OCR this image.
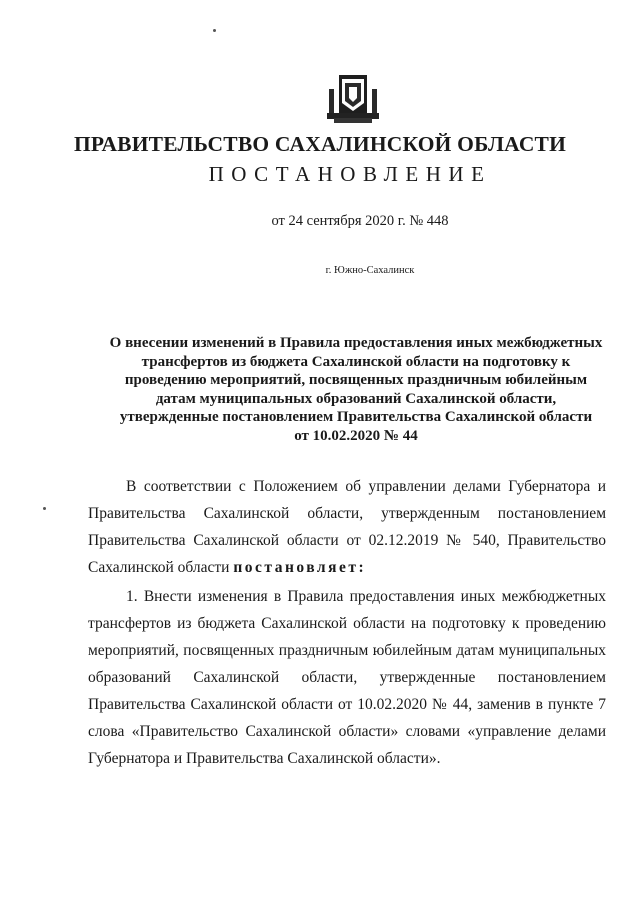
ПРАВИТЕЛЬСТВО САХАЛИНСКОЙ ОБЛАСТИ
ПОСТАНОВЛЕНИЕ
от 24 сентября 2020 г. № 448
г. Южно-Сахалинск
О внесении изменений в Правила предоставления иных межбюджетных
трансфертов из бюджета Сахалинской области на подготовку к
проведению мероприятий, посвященных праздничным юбилейным
датам муниципальных образований Сахалинской области,
утвержденные постановлением Правительства Сахалинской области
от 10.02.2020 № 44

В соответствии с Положением об управлении делами Губернатора и Правительства Сахалинской области, утвержденным постановлением Правительства Сахалинской области от 02.12.2019 № 540, Правительство Сахалинской области постановляет:

1. Внести изменения в Правила предоставления иных межбюджетных трансфертов из бюджета Сахалинской области на подготовку к проведению мероприятий, посвященных праздничным юбилейным датам муниципальных образований Сахалинской области, утвержденные постановлением Правительства Сахалинской области от 10.02.2020 № 44, заменив в пункте 7 слова «Правительство Сахалинской области» словами «управление делами Губернатора и Правительства Сахалинской области».
